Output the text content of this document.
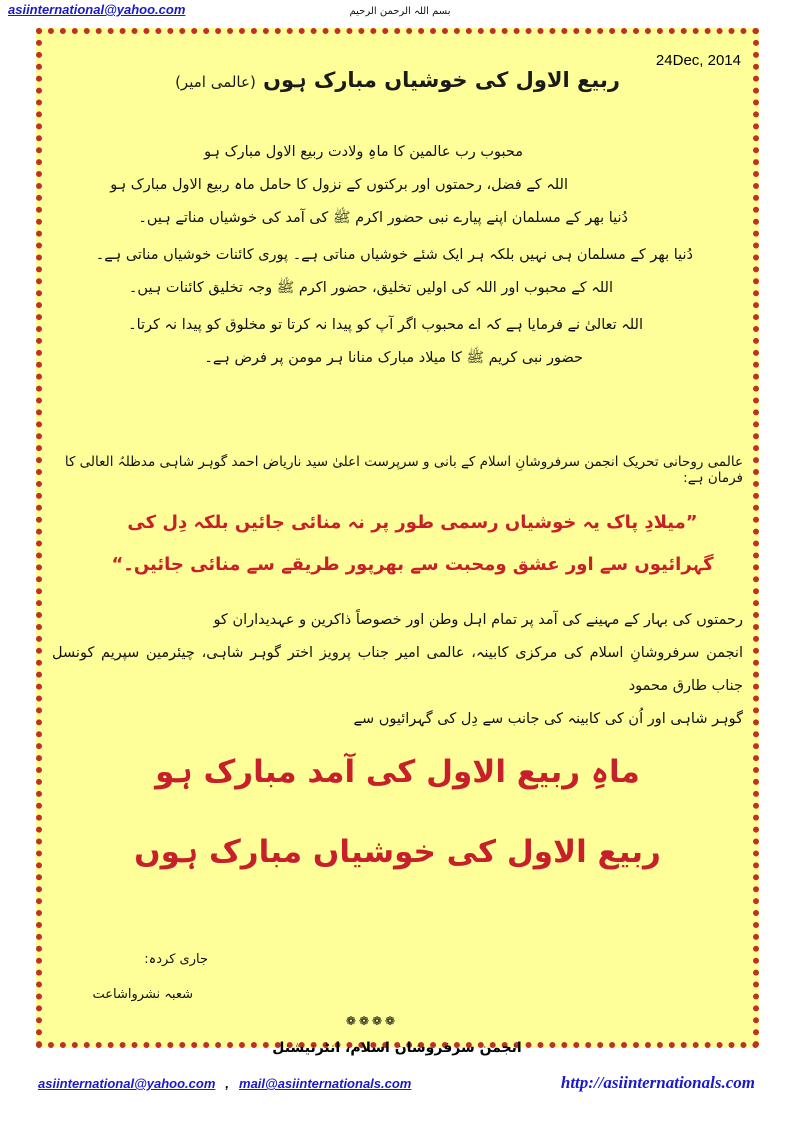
asiinternational@yahoo.com	بسم اللہ الرحمن الرحیم
24Dec, 2014
ربیع الاول کی خوشیاں مبارک ہوں (عالمی امیر)
محبوب رب عالمین کا ماہِ ولادت ربیع الاول مبارک ہو
اللہ کے فضل، رحمتوں اور برکتوں کے نزول کا حامل ماہ ربیع الاول مبارک ہو
دُنیا بھر کے مسلمان اپنے پیارے نبی حضور اکرم ﷺ کی آمد کی خوشیاں مناتے ہیں۔
دُنیا بھر کے مسلمان ہی نہیں بلکہ ہر ایک شئے خوشیاں مناتی ہے۔ پوری کائنات خوشیاں مناتی ہے۔
اللہ کے محبوب اور اللہ کی اولیں تخلیق، حضور اکرم ﷺ وجہ تخلیق کائنات ہیں۔
اللہ تعالیٰ نے فرمایا ہے کہ اے محبوب اگر آپ کو پیدا نہ کرتا تو مخلوق کو پیدا نہ کرتا۔
حضور نبی کریم ﷺ کا میلاد مبارک منانا ہر مومن پر فرض ہے۔
عالمی روحانی تحریک انجمن سرفروشانِ اسلام کے بانی و سرپرست اعلیٰ سید ناریاض احمد گوہر شاہی مدظلہُ العالی کا فرمان ہے:
”میلادِ پاک یہ خوشیاں رسمی طور پر نہ منائی جائیں بلکہ دِل کی
گہرائیوں سے اور عشق ومحبت سے بھرپور طریقے سے منائی جائیں۔“
رحمتوں کی بہار کے مہینے کی آمد پر تمام اہل وطن اور خصوصاً ذاکرین و عہدیداران کو
انجمن سرفروشانِ اسلام کی مرکزی کابینہ، عالمی امیر جناب پرویز اختر گوہر شاہی، چیئرمین سپریم کونسل جناب طارق محمود
گوہر شاہی اور اُن کی کابینہ کی جانب سے دِل کی گہرائیوں سے
ماہِ ربیع الاول کی آمد مبارک ہو
ربیع الاول کی خوشیاں مبارک ہوں
جاری کردہ:
شعبہ نشرواشاعت
❁❁❁❁
انجمن سرفروشان اسلام، انٹرنیشنل
asiinternational@yahoo.com , mail@asiinternationals.com	http://asiinternationals.com
